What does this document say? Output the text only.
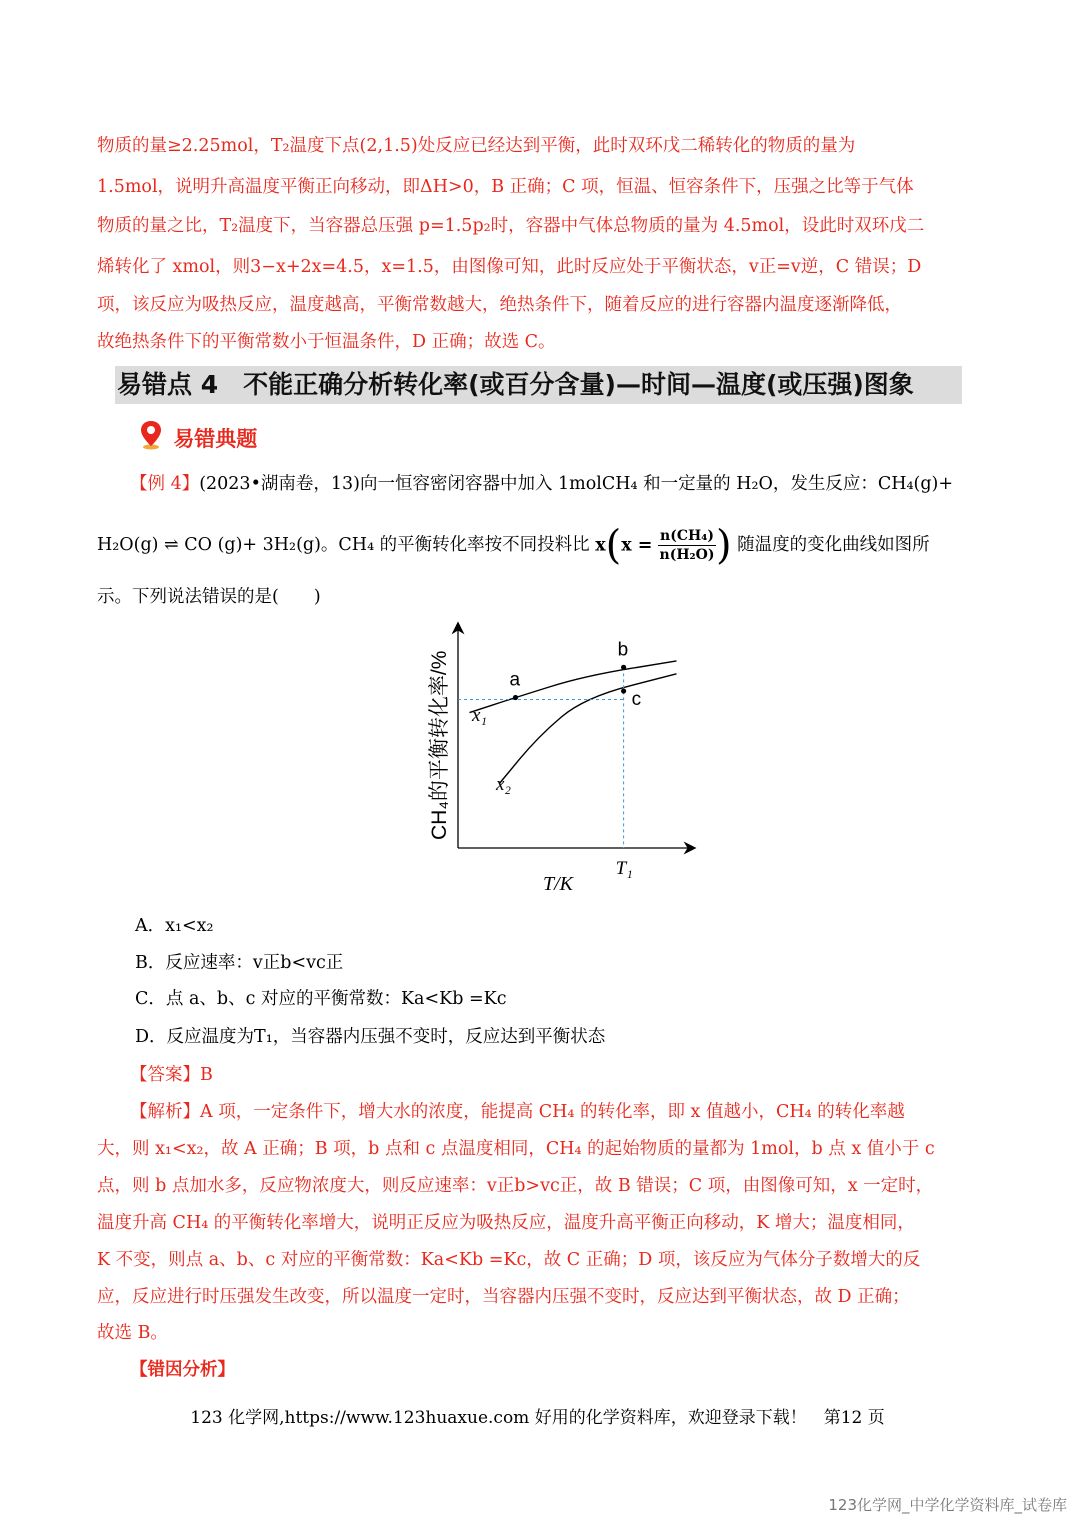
物质的量≥2.25mol，T₂温度下点(2,1.5)处反应已经达到平衡，此时双环戊二稀转化的物质的量为
1.5mol，说明升高温度平衡正向移动，即ΔH>0，B 正确；C 项，恒温、恒容条件下，压强之比等于气体
物质的量之比，T₂温度下，当容器总压强 p=1.5p₂时，容器中气体总物质的量为 4.5mol，设此时双环戊二
烯转化了 xmol，则3−x+2x=4.5，x=1.5，由图像可知，此时反应处于平衡状态，v正=v逆，C 错误；D
项，该反应为吸热反应，温度越高，平衡常数越大，绝热条件下，随着反应的进行容器内温度逐渐降低，
故绝热条件下的平衡常数小于恒温条件，D 正确；故选 C。
易错点 4　不能正确分析转化率(或百分含量)—时间—温度(或压强)图象
易错典题
【例 4】(2023•湖南卷，13)向一恒容密闭容器中加入 1molCH₄ 和一定量的 H₂O，发生反应：CH₄(g)+
H₂O(g) ⇌ CO (g)+ 3H₂(g)。CH₄ 的平衡转化率按不同投料比 $x(x = \frac{\text{n(CH₄)}}{\text{n(H₂O)}}$ ) 随温度的变化曲线如图所
示。下列说法错误的是(　　)
CH₄的平衡转化率/%
T/K
a
b
c
x₁
x₂
T₁
A．x₁<x₂
B．反应速率：v正b<vc正
C．点 a、b、c 对应的平衡常数：Ka<Kb =Kc
D．反应温度为T₁，当容器内压强不变时，反应达到平衡状态
【答案】B
【解析】A 项，一定条件下，增大水的浓度，能提高 CH₄ 的转化率，即 x 值越小，CH₄ 的转化率越
大，则 x₁<x₂，故 A 正确；B 项，b 点和 c 点温度相同，CH₄ 的起始物质的量都为 1mol，b 点 x 值小于 c
点，则 b 点加水多，反应物浓度大，则反应速率：v正b>vc正，故 B 错误；C 项，由图像可知，x 一定时，
温度升高 CH₄ 的平衡转化率增大，说明正反应为吸热反应，温度升高平衡正向移动，K 增大；温度相同，
K 不变，则点 a、b、c 对应的平衡常数：Ka<Kb =Kc，故 C 正确；D 项，该反应为气体分子数增大的反
应，反应进行时压强发生改变，所以温度一定时，当容器内压强不变时，反应达到平衡状态，故 D 正确；
故选 B。
【错因分析】
123 化学网,https://www.123huaxue.com 好用的化学资料库，欢迎登录下载！　第12 页
123化学网_中学化学资料库_试卷库
